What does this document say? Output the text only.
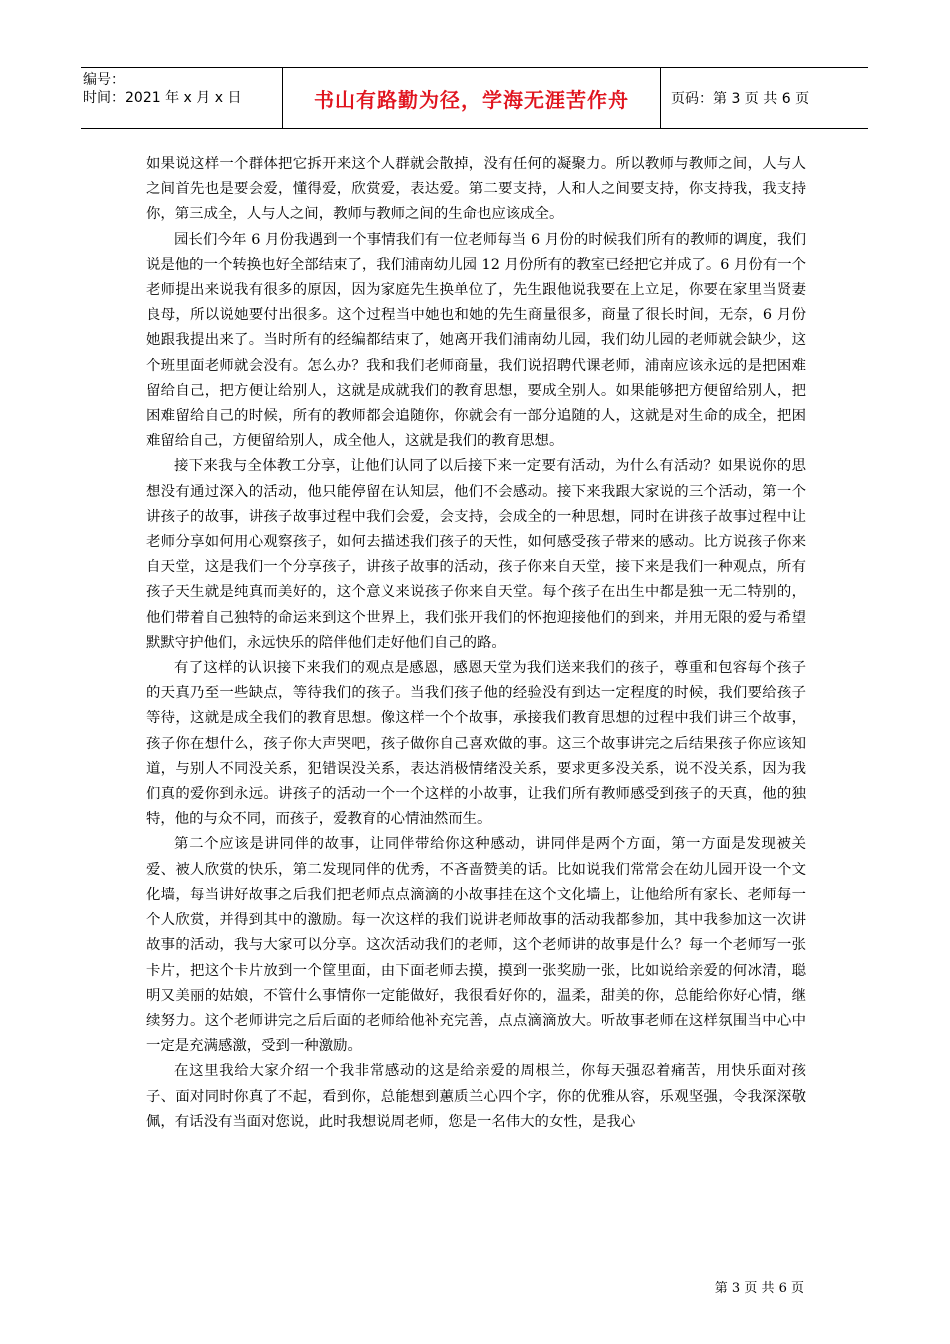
编号：
时间：2021 年 x 月 x 日	书山有路勤为径，学海无涯苦作舟	页码：第 3 页 共 6 页

如果说这样一个群体把它拆开来这个人群就会散掉，没有任何的凝聚力。所以教师与教师之间，人与人之间首先也是要会爱，懂得爱，欣赏爱，表达爱。第二要支持，人和人之间要支持，你支持我，我支持你，第三成全，人与人之间，教师与教师之间的生命也应该成全。

园长们今年 6 月份我遇到一个事情我们有一位老师每当 6 月份的时候我们所有的教师的调度，我们说是他的一个转换也好全部结束了，我们浦南幼儿园 12 月份所有的教室已经把它并成了。6 月份有一个老师提出来说我有很多的原因，因为家庭先生换单位了，先生跟他说我要在上立足，你要在家里当贤妻良母，所以说她要付出很多。这个过程当中她也和她的先生商量很多，商量了很长时间，无奈，6 月份她跟我提出来了。当时所有的经编都结束了，她离开我们浦南幼儿园，我们幼儿园的老师就会缺少，这个班里面老师就会没有。怎么办？我和我们老师商量，我们说招聘代课老师，浦南应该永远的是把困难留给自己，把方便让给别人，这就是成就我们的教育思想，要成全别人。如果能够把方便留给别人，把困难留给自己的时候，所有的教师都会追随你，你就会有一部分追随的人，这就是对生命的成全，把困难留给自己，方便留给别人，成全他人，这就是我们的教育思想。

接下来我与全体教工分享，让他们认同了以后接下来一定要有活动，为什么有活动？如果说你的思想没有通过深入的活动，他只能停留在认知层，他们不会感动。接下来我跟大家说的三个活动，第一个讲孩子的故事，讲孩子故事过程中我们会爱，会支持，会成全的一种思想，同时在讲孩子故事过程中让老师分享如何用心观察孩子，如何去描述我们孩子的天性，如何感受孩子带来的感动。比方说孩子你来自天堂，这是我们一个分享孩子，讲孩子故事的活动，孩子你来自天堂，接下来是我们一种观点，所有孩子天生就是纯真而美好的，这个意义来说孩子你来自天堂。每个孩子在出生中都是独一无二特别的，他们带着自己独特的命运来到这个世界上，我们张开我们的怀抱迎接他们的到来，并用无限的爱与希望默默守护他们，永远快乐的陪伴他们走好他们自己的路。

有了这样的认识接下来我们的观点是感恩，感恩天堂为我们送来我们的孩子，尊重和包容每个孩子的天真乃至一些缺点，等待我们的孩子。当我们孩子他的经验没有到达一定程度的时候，我们要给孩子等待，这就是成全我们的教育思想。像这样一个个故事，承接我们教育思想的过程中我们讲三个故事，孩子你在想什么，孩子你大声哭吧，孩子做你自己喜欢做的事。这三个故事讲完之后结果孩子你应该知道，与别人不同没关系，犯错误没关系，表达消极情绪没关系，要求更多没关系，说不没关系，因为我们真的爱你到永远。讲孩子的活动一个一个这样的小故事，让我们所有教师感受到孩子的天真，他的独特，他的与众不同，而孩子，爱教育的心情油然而生。

第二个应该是讲同伴的故事，让同伴带给你这种感动，讲同伴是两个方面，第一方面是发现被关爱、被人欣赏的快乐，第二发现同伴的优秀，不吝啬赞美的话。比如说我们常常会在幼儿园开设一个文化墙，每当讲好故事之后我们把老师点点滴滴的小故事挂在这个文化墙上，让他给所有家长、老师每一个人欣赏，并得到其中的激励。每一次这样的我们说讲老师故事的活动我都参加，其中我参加这一次讲故事的活动，我与大家可以分享。这次活动我们的老师，这个老师讲的故事是什么？每一个老师写一张卡片，把这个卡片放到一个筐里面，由下面老师去摸，摸到一张奖励一张，比如说给亲爱的何冰清，聪明又美丽的姑娘，不管什么事情你一定能做好，我很看好你的，温柔，甜美的你，总能给你好心情，继续努力。这个老师讲完之后后面的老师给他补充完善，点点滴滴放大。听故事老师在这样氛围当中心中一定是充满感激，受到一种激励。

在这里我给大家介绍一个我非常感动的这是给亲爱的周根兰，你每天强忍着痛苦，用快乐面对孩子、面对同时你真了不起，看到你，总能想到蕙质兰心四个字，你的优雅从容，乐观坚强，令我深深敬佩，有话没有当面对您说，此时我想说周老师，您是一名伟大的女性，是我心

第 3 页 共 6 页
